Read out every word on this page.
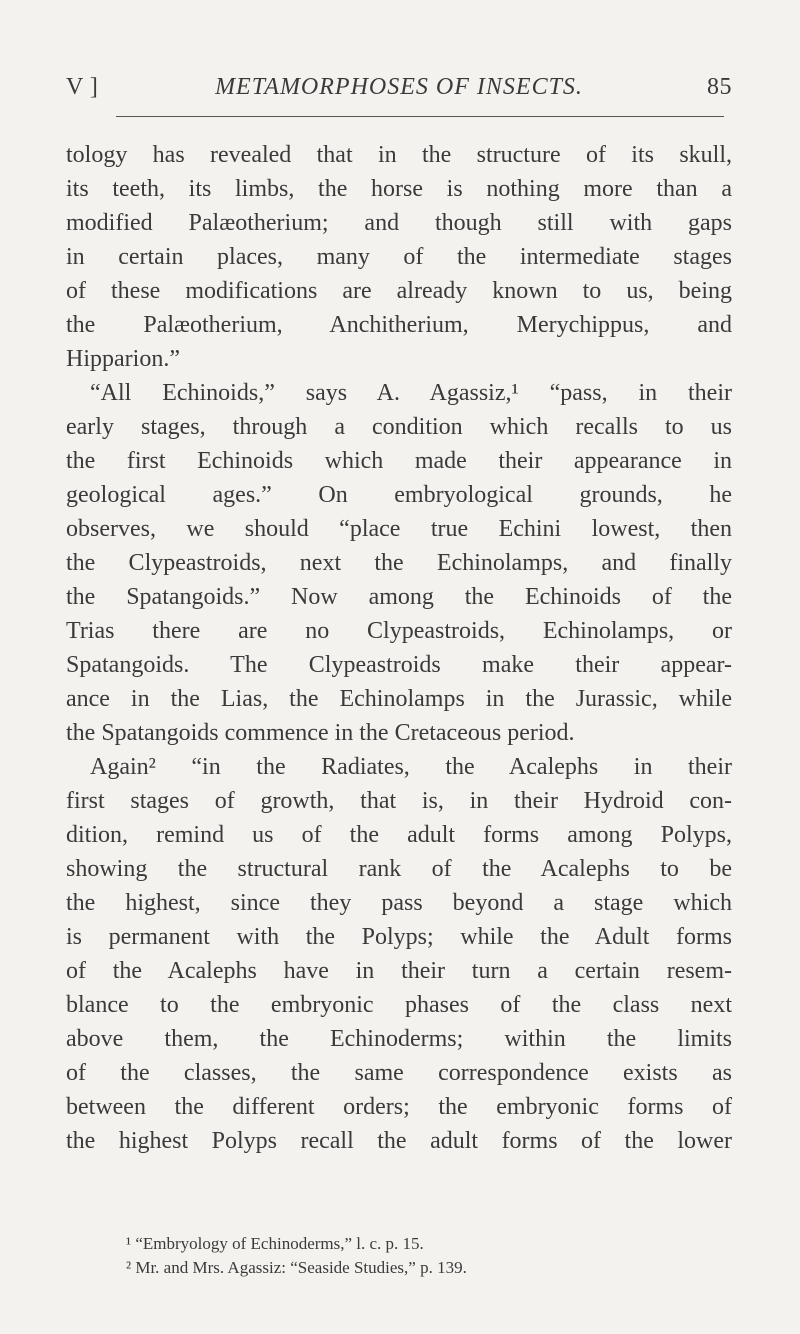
V ]	METAMORPHOSES OF INSECTS.	85
tology has revealed that in the structure of its skull,
its teeth, its limbs, the horse is nothing more than a
modified Palæotherium; and though still with gaps
in certain places, many of the intermediate stages
of these modifications are already known to us, being
the Palæotherium, Anchitherium, Merychippus, and
Hipparion.”
“All Echinoids,” says A. Agassiz,¹ “pass, in their
early stages, through a condition which recalls to us
the first Echinoids which made their appearance in
geological ages.” On embryological grounds, he
observes, we should “place true Echini lowest, then
the Clypeastroids, next the Echinolamps, and finally
the Spatangoids.” Now among the Echinoids of the
Trias there are no Clypeastroids, Echinolamps, or
Spatangoids. The Clypeastroids make their appear-
ance in the Lias, the Echinolamps in the Jurassic, while
the Spatangoids commence in the Cretaceous period.
Again² “in the Radiates, the Acalephs in their
first stages of growth, that is, in their Hydroid con-
dition, remind us of the adult forms among Polyps,
showing the structural rank of the Acalephs to be
the highest, since they pass beyond a stage which
is permanent with the Polyps; while the Adult forms
of the Acalephs have in their turn a certain resem-
blance to the embryonic phases of the class next
above them, the Echinoderms; within the limits
of the classes, the same correspondence exists as
between the different orders; the embryonic forms of
the highest Polyps recall the adult forms of the lower
¹ “Embryology of Echinoderms,” l. c. p. 15.
² Mr. and Mrs. Agassiz: “Seaside Studies,” p. 139.
